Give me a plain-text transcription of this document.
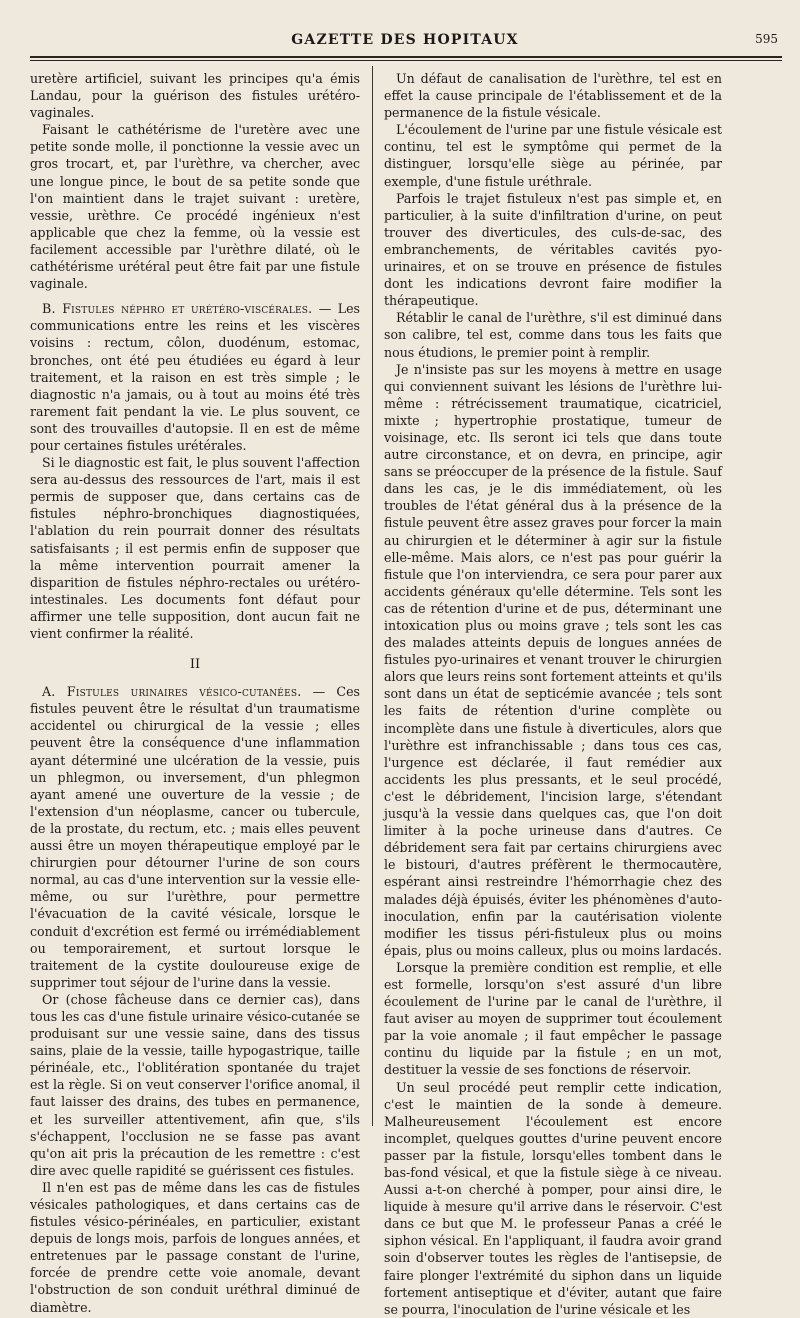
GAZETTE DES HOPITAUX	595

uretère artificiel, suivant les principes qu'a émis Landau, pour la guérison des fistules urétéro-vaginales.

Faisant le cathétérisme de l'uretère avec une petite sonde molle, il ponctionne la vessie avec un gros trocart, et, par l'urèthre, va chercher, avec une longue pince, le bout de sa petite sonde que l'on maintient dans le trajet suivant : uretère, vessie, urèthre. Ce procédé ingénieux n'est applicable que chez la femme, où la vessie est facilement accessible par l'urèthre dilaté, où le cathétérisme urétéral peut être fait par une fistule vaginale.

B. Fistules néphro et urétéro-viscérales. — Les communications entre les reins et les viscères voisins : rectum, côlon, duodénum, estomac, bronches, ont été peu étudiées eu égard à leur traitement, et la raison en est très simple ; le diagnostic n'a jamais, ou à tout au moins été très rarement fait pendant la vie. Le plus souvent, ce sont des trouvailles d'autopsie. Il en est de même pour certaines fistules urétérales.

Si le diagnostic est fait, le plus souvent l'affection sera au-dessus des ressources de l'art, mais il est permis de supposer que, dans certains cas de fistules néphro-bronchiques diagnostiquées, l'ablation du rein pourrait donner des résultats satisfaisants ; il est permis enfin de supposer que la même intervention pourrait amener la disparition de fistules néphro-rectales ou urétéro-intestinales. Les documents font défaut pour affirmer une telle supposition, dont aucun fait ne vient confirmer la réalité.

II

A. Fistules urinaires vésico-cutanées. — Ces fistules peuvent être le résultat d'un traumatisme accidentel ou chirurgical de la vessie ; elles peuvent être la conséquence d'une inflammation ayant déterminé une ulcération de la vessie, puis un phlegmon, ou inversement, d'un phlegmon ayant amené une ouverture de la vessie ; de l'extension d'un néoplasme, cancer ou tubercule, de la prostate, du rectum, etc. ; mais elles peuvent aussi être un moyen thérapeutique employé par le chirurgien pour détourner l'urine de son cours normal, au cas d'une intervention sur la vessie elle-même, ou sur l'urèthre, pour permettre l'évacuation de la cavité vésicale, lorsque le conduit d'excrétion est fermé ou irrémédiablement ou temporairement, et surtout lorsque le traitement de la cystite douloureuse exige de supprimer tout séjour de l'urine dans la vessie.

Or (chose fâcheuse dans ce dernier cas), dans tous les cas d'une fistule urinaire vésico-cutanée se produisant sur une vessie saine, dans des tissus sains, plaie de la vessie, taille hypogastrique, taille périnéale, etc., l'oblitération spontanée du trajet est la règle. Si on veut conserver l'orifice anomal, il faut laisser des drains, des tubes en permanence, et les surveiller attentivement, afin que, s'ils s'échappent, l'occlusion ne se fasse pas avant qu'on ait pris la précaution de les remettre : c'est dire avec quelle rapidité se guérissent ces fistules.

Il n'en est pas de même dans les cas de fistules vésicales pathologiques, et dans certains cas de fistules vésico-périnéales, en particulier, existant depuis de longs mois, parfois de longues années, et entretenues par le passage constant de l'urine, forcée de prendre cette voie anomale, devant l'obstruction de son conduit uréthral diminué de diamètre.

Un défaut de canalisation de l'urèthre, tel est en effet la cause principale de l'établissement et de la permanence de la fistule vésicale.

L'écoulement de l'urine par une fistule vésicale est continu, tel est le symptôme qui permet de la distinguer, lorsqu'elle siège au périnée, par exemple, d'une fistule uréthrale.

Parfois le trajet fistuleux n'est pas simple et, en particulier, à la suite d'infiltration d'urine, on peut trouver des diverticules, des culs-de-sac, des embranchements, de véritables cavités pyo-urinaires, et on se trouve en présence de fistules dont les indications devront faire modifier la thérapeutique.

Rétablir le canal de l'urèthre, s'il est diminué dans son calibre, tel est, comme dans tous les faits que nous étudions, le premier point à remplir.

Je n'insiste pas sur les moyens à mettre en usage qui conviennent suivant les lésions de l'urèthre lui-même : rétrécissement traumatique, cicatriciel, mixte ; hypertrophie prostatique, tumeur de voisinage, etc. Ils seront ici tels que dans toute autre circonstance, et on devra, en principe, agir sans se préoccuper de la présence de la fistule. Sauf dans les cas, je le dis immédiatement, où les troubles de l'état général dus à la présence de la fistule peuvent être assez graves pour forcer la main au chirurgien et le déterminer à agir sur la fistule elle-même. Mais alors, ce n'est pas pour guérir la fistule que l'on interviendra, ce sera pour parer aux accidents généraux qu'elle détermine. Tels sont les cas de rétention d'urine et de pus, déterminant une intoxication plus ou moins grave ; tels sont les cas des malades atteints depuis de longues années de fistules pyo-urinaires et venant trouver le chirurgien alors que leurs reins sont fortement atteints et qu'ils sont dans un état de septicémie avancée ; tels sont les faits de rétention d'urine complète ou incomplète dans une fistule à diverticules, alors que l'urèthre est infranchissable ; dans tous ces cas, l'urgence est déclarée, il faut remédier aux accidents les plus pressants, et le seul procédé, c'est le débridement, l'incision large, s'étendant jusqu'à la vessie dans quelques cas, que l'on doit limiter à la poche urineuse dans d'autres. Ce débridement sera fait par certains chirurgiens avec le bistouri, d'autres préfèrent le thermocautère, espérant ainsi restreindre l'hémorrhagie chez des malades déjà épuisés, éviter les phénomènes d'auto-inoculation, enfin par la cautérisation violente modifier les tissus péri-fistuleux plus ou moins épais, plus ou moins calleux, plus ou moins lardacés.

Lorsque la première condition est remplie, et elle est formelle, lorsqu'on s'est assuré d'un libre écoulement de l'urine par le canal de l'urèthre, il faut aviser au moyen de supprimer tout écoulement par la voie anomale ; il faut empêcher le passage continu du liquide par la fistule ; en un mot, destituer la vessie de ses fonctions de réservoir.

Un seul procédé peut remplir cette indication, c'est le maintien de la sonde à demeure. Malheureusement l'écoulement est encore incomplet, quelques gouttes d'urine peuvent encore passer par la fistule, lorsqu'elles tombent dans le bas-fond vésical, et que la fistule siège à ce niveau. Aussi a-t-on cherché à pomper, pour ainsi dire, le liquide à mesure qu'il arrive dans le réservoir. C'est dans ce but que M. le professeur Panas a créé le siphon vésical. En l'appliquant, il faudra avoir grand soin d'observer toutes les règles de l'antisepsie, de faire plonger l'extrémité du siphon dans un liquide fortement antiseptique et d'éviter, autant que faire se pourra, l'inoculation de l'urine vésicale et les
